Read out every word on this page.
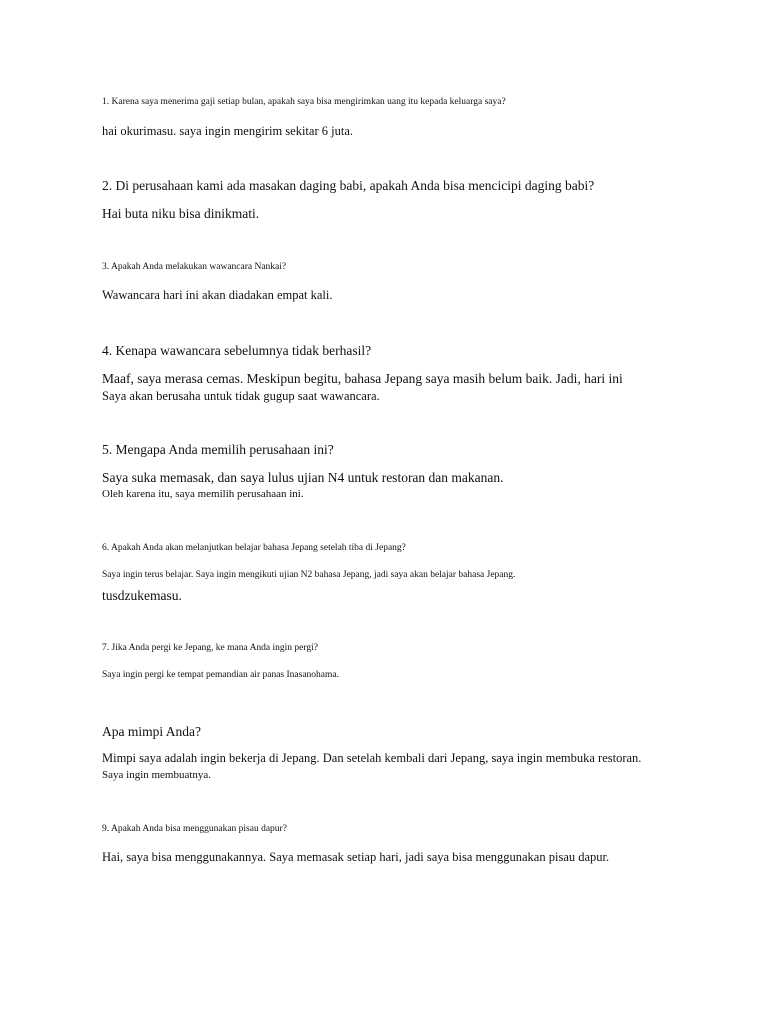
1. Karena saya menerima gaji setiap bulan, apakah saya bisa mengirimkan uang itu kepada keluarga saya?

hai okurimasu. saya ingin mengirim sekitar 6 juta.

2. Di perusahaan kami ada masakan daging babi, apakah Anda bisa mencicipi daging babi?

Hai buta niku bisa dinikmati.

3. Apakah Anda melakukan wawancara Nankai?

Wawancara hari ini akan diadakan empat kali.

4. Kenapa wawancara sebelumnya tidak berhasil?

Maaf, saya merasa cemas. Meskipun begitu, bahasa Jepang saya masih belum baik. Jadi, hari ini

Saya akan berusaha untuk tidak gugup saat wawancara.

5. Mengapa Anda memilih perusahaan ini?

Saya suka memasak, dan saya lulus ujian N4 untuk restoran dan makanan.

Oleh karena itu, saya memilih perusahaan ini.

6. Apakah Anda akan melanjutkan belajar bahasa Jepang setelah tiba di Jepang?

Saya ingin terus belajar. Saya ingin mengikuti ujian N2 bahasa Jepang, jadi saya akan belajar bahasa Jepang.

tusdzukemasu.

7. Jika Anda pergi ke Jepang, ke mana Anda ingin pergi?

Saya ingin pergi ke tempat pemandian air panas Inasanohama.

Apa mimpi Anda?

Mimpi saya adalah ingin bekerja di Jepang. Dan setelah kembali dari Jepang, saya ingin membuka restoran.

Saya ingin membuatnya.

9. Apakah Anda bisa menggunakan pisau dapur?

Hai, saya bisa menggunakannya. Saya memasak setiap hari, jadi saya bisa menggunakan pisau dapur.
